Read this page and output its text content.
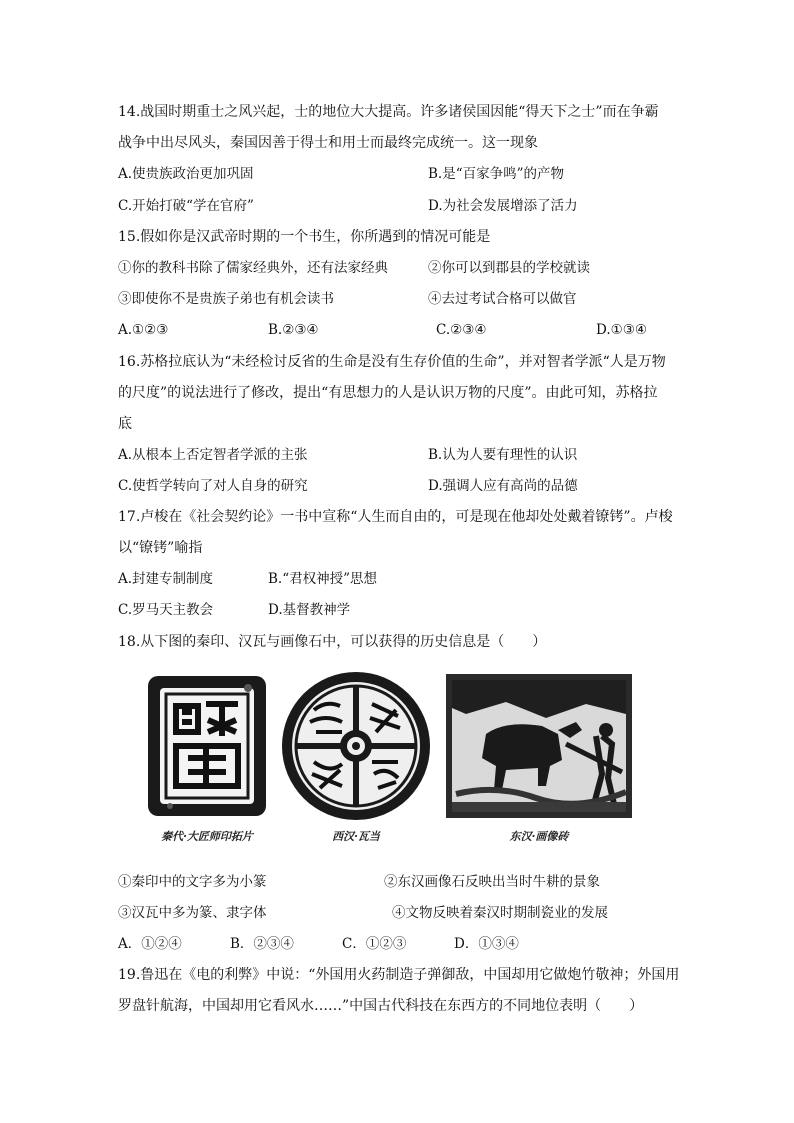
14.战国时期重士之风兴起，士的地位大大提高。许多诸侯国因能“得天下之士”而在争霸
战争中出尽风头，秦国因善于得士和用士而最终完成统一。这一现象
A.使贵族政治更加巩固	B.是“百家争鸣”的产物
C.开始打破“学在官府”	D.为社会发展增添了活力
15.假如你是汉武帝时期的一个书生，你所遇到的情况可能是
①你的教科书除了儒家经典外，还有法家经典	②你可以到郡县的学校就读
③即使你不是贵族子弟也有机会读书	④去过考试合格可以做官
A.①②③	B.②③④	C.②③④	D.①③④
16.苏格拉底认为“未经检讨反省的生命是没有生存价值的生命”，并对智者学派“人是万物
的尺度”的说法进行了修改，提出“有思想力的人是认识万物的尺度”。由此可知，苏格拉
底
A.从根本上否定智者学派的主张	B.认为人要有理性的认识
C.使哲学转向了对人自身的研究	D.强调人应有高尚的品德
17.卢梭在《社会契约论》一书中宣称“人生而自由的，可是现在他却处处戴着镣铐”。卢梭
以“镣铐”喻指
A.封建专制制度	B.“君权神授”思想
C.罗马天主教会	D.基督教神学
18.从下图的秦印、汉瓦与画像石中，可以获得的历史信息是（　　）
秦代·大匠师印拓片	西汉·瓦当	东汉·画像砖
①秦印中的文字多为小篆	②东汉画像石反映出当时牛耕的景象
③汉瓦中多为篆、隶字体	④文物反映着秦汉时期制瓷业的发展
A．①②④	B．②③④	C．①②③	D．①③④
19.鲁迅在《电的利弊》中说：“外国用火药制造子弹御敌，中国却用它做炮竹敬神；外国用
罗盘针航海，中国却用它看风水……”中国古代科技在东西方的不同地位表明（　　）
